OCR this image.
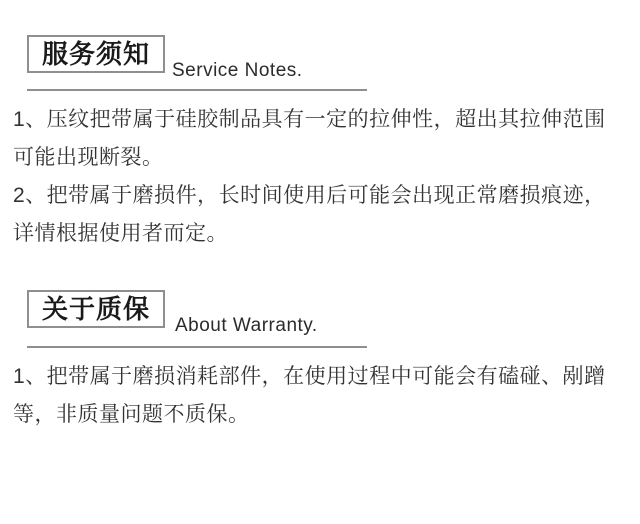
服务须知
Service Notes.
1、压纹把带属于硅胶制品具有一定的拉伸性，超出其拉伸范围
可能出现断裂。
2、把带属于磨损件，长时间使用后可能会出现正常磨损痕迹，
详情根据使用者而定。
关于质保
About Warranty.
1、把带属于磨损消耗部件，在使用过程中可能会有磕碰、剐蹭
等，非质量问题不质保。
